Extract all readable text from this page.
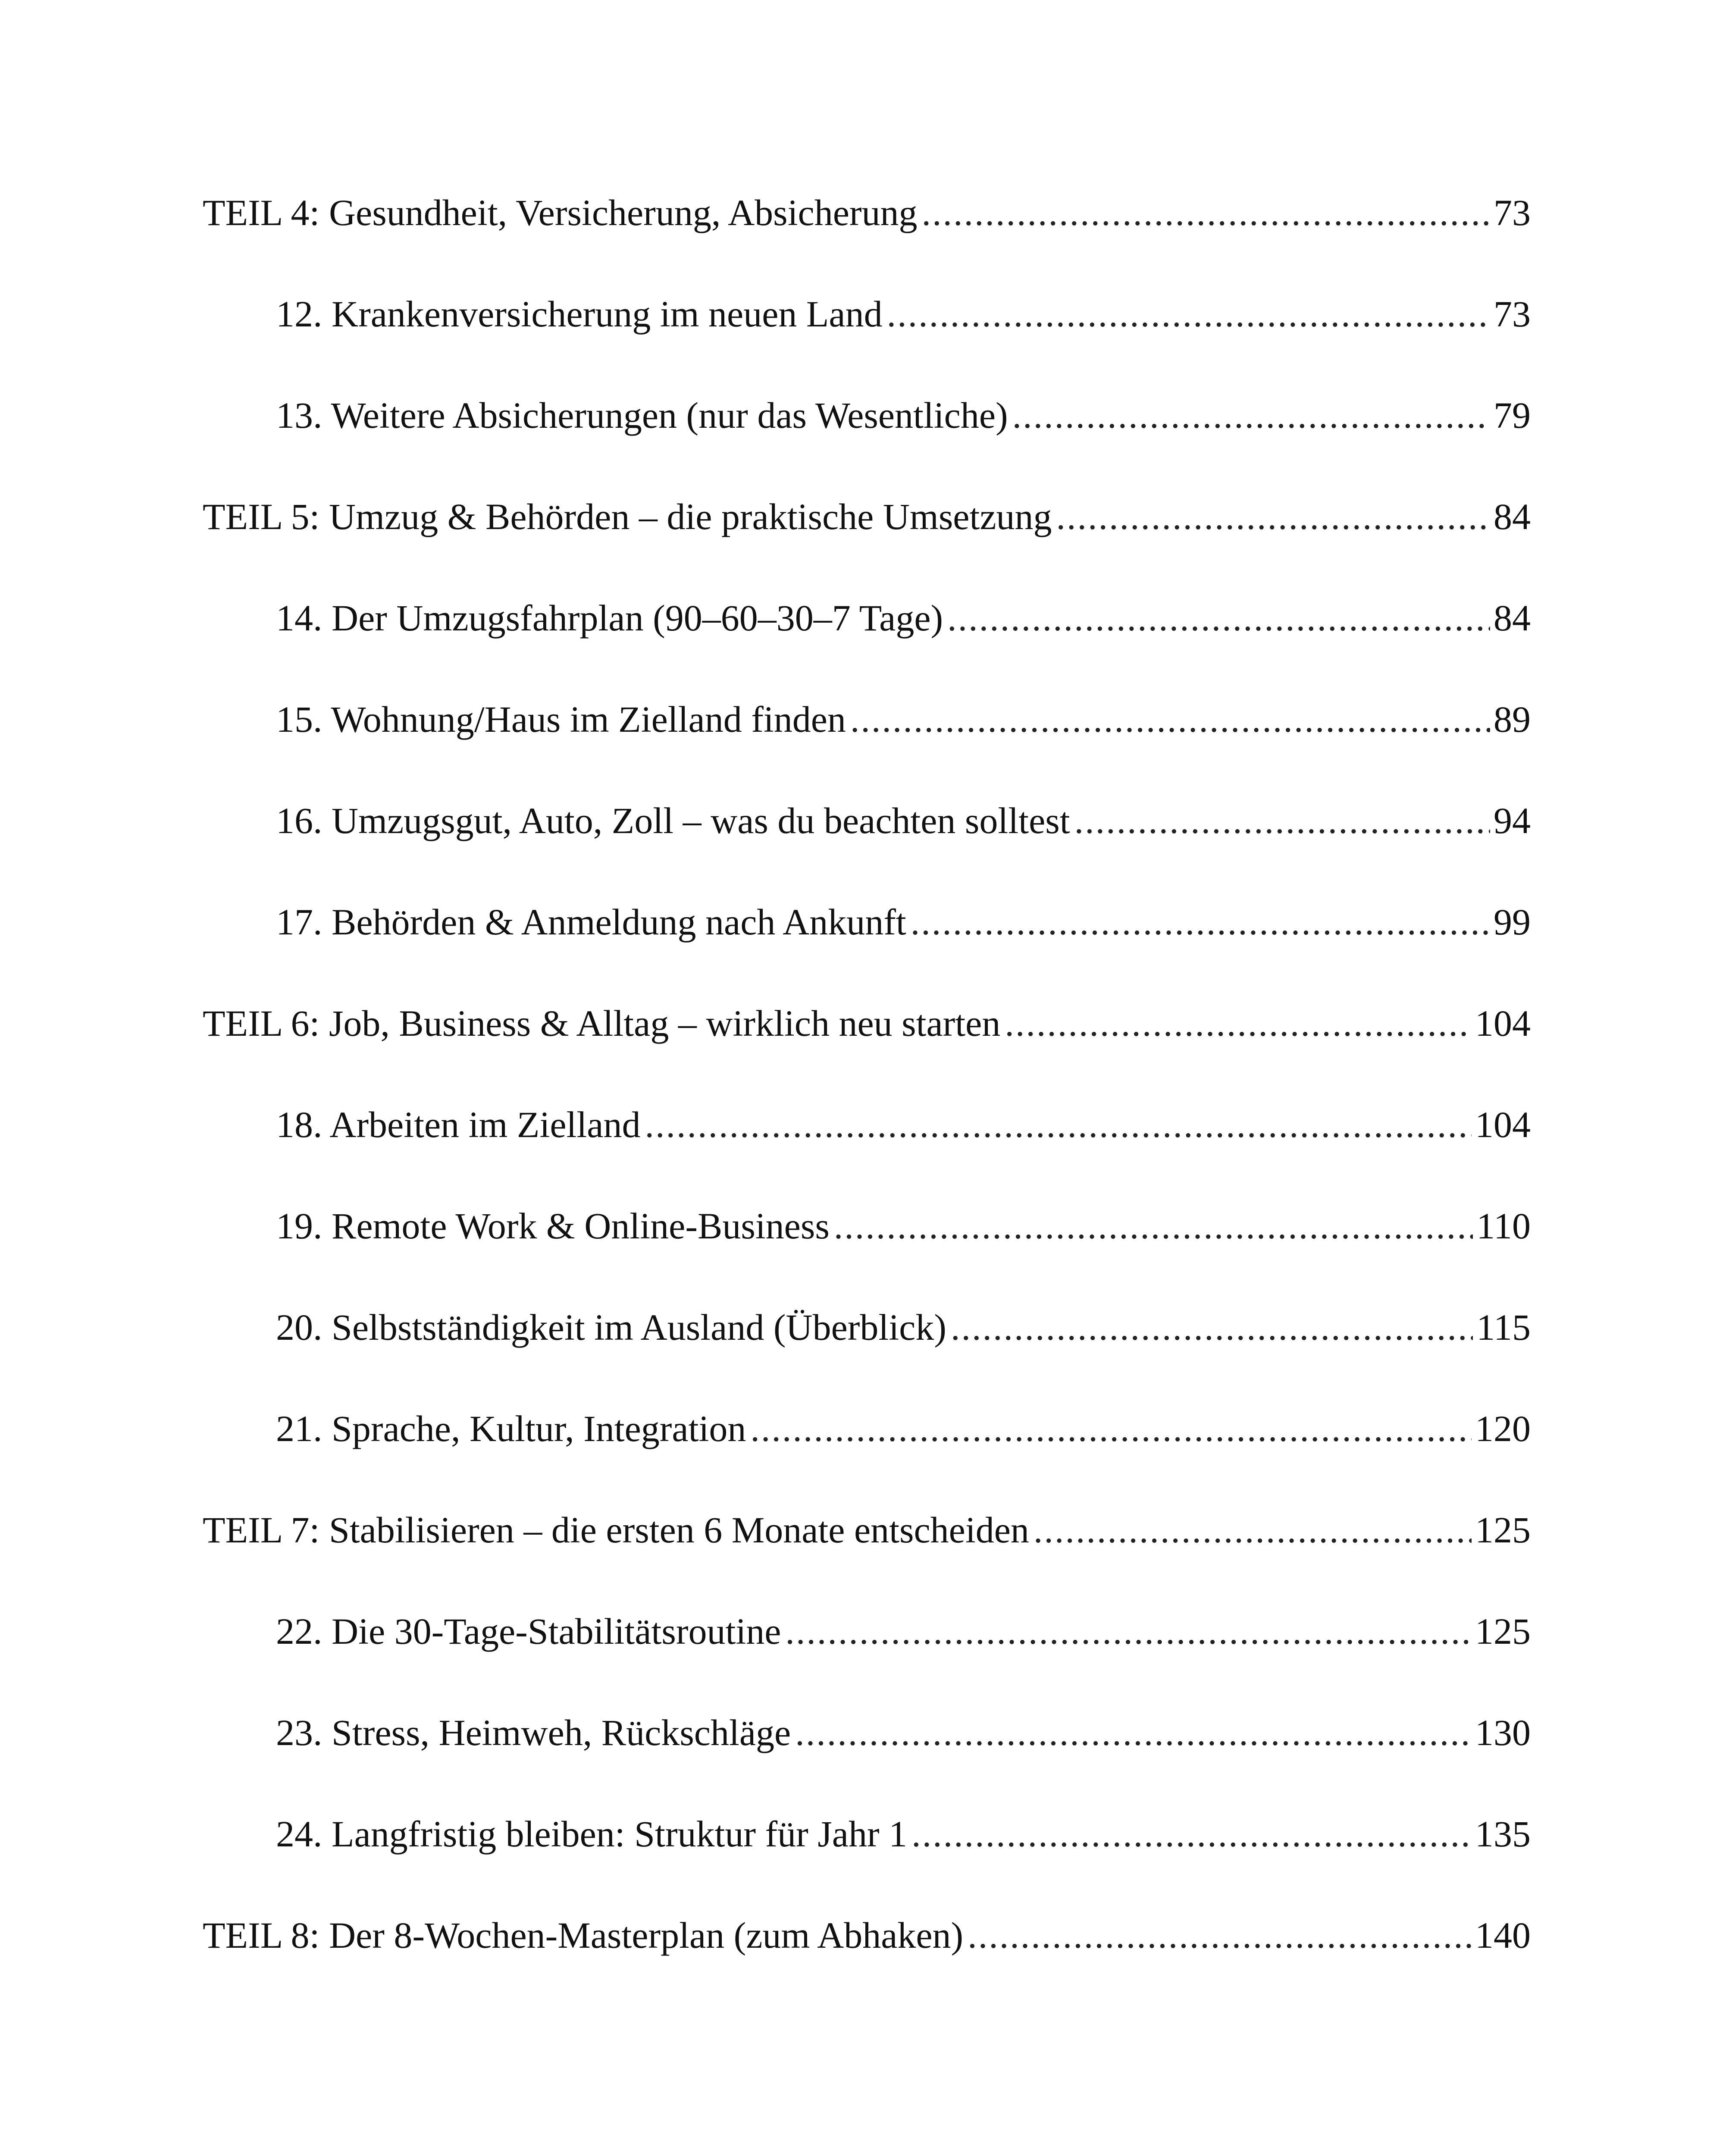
TEIL 4: Gesundheit, Versicherung, Absicherung .....	73
12. Krankenversicherung im neuen Land .....	73
13. Weitere Absicherungen (nur das Wesentliche) .....	79
TEIL 5: Umzug & Behörden – die praktische Umsetzung .....	84
14. Der Umzugsfahrplan (90–60–30–7 Tage) .....	84
15. Wohnung/Haus im Zielland finden .....	89
16. Umzugsgut, Auto, Zoll – was du beachten solltest .....	94
17. Behörden & Anmeldung nach Ankunft .....	99
TEIL 6: Job, Business & Alltag – wirklich neu starten .....	104
18. Arbeiten im Zielland .....	104
19. Remote Work & Online-Business .....	110
20. Selbstständigkeit im Ausland (Überblick) .....	115
21. Sprache, Kultur, Integration .....	120
TEIL 7: Stabilisieren – die ersten 6 Monate entscheiden .....	125
22. Die 30-Tage-Stabilitätsroutine .....	125
23. Stress, Heimweh, Rückschläge .....	130
24. Langfristig bleiben: Struktur für Jahr 1 .....	135
TEIL 8: Der 8-Wochen-Masterplan (zum Abhaken) .....	140
